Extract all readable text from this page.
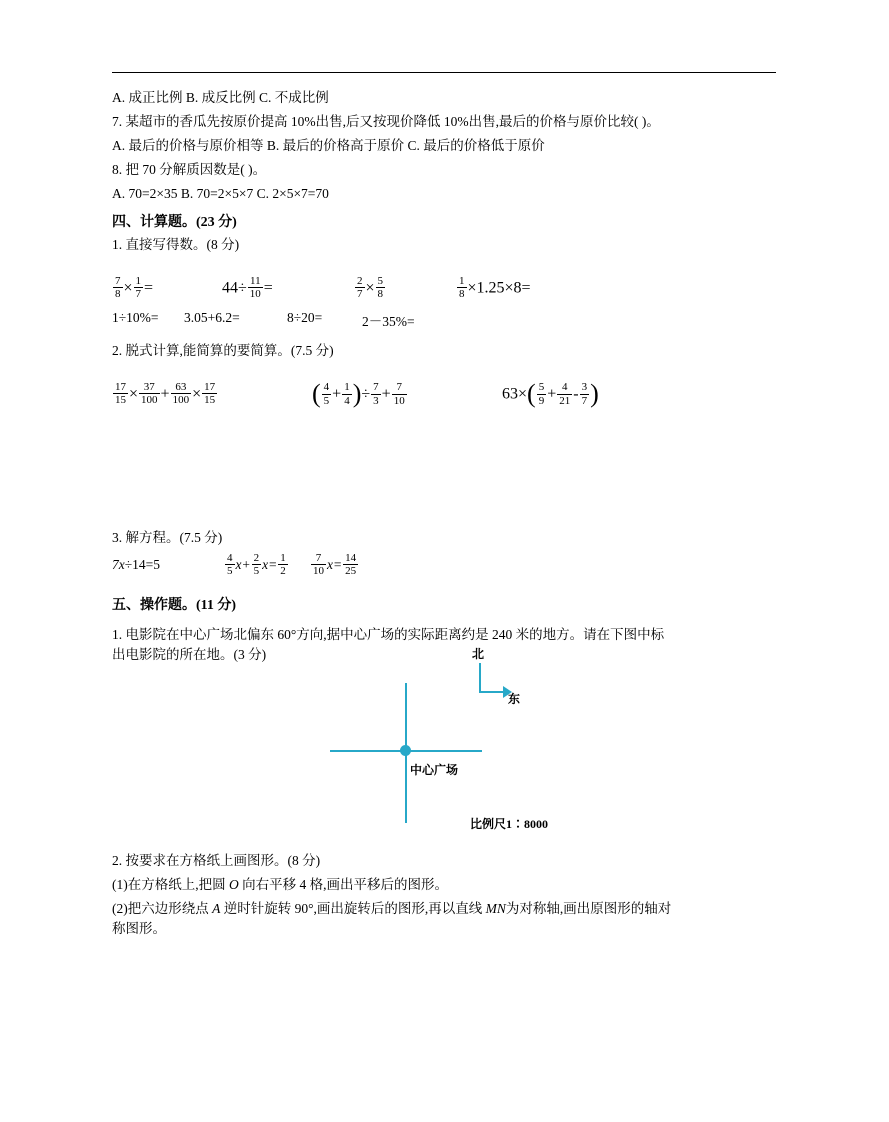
A. 成正比例 B. 成反比例 C. 不成比例
7. 某超市的香瓜先按原价提高 10%出售,后又按现价降低 10%出售,最后的价格与原价比较( )。
A. 最后的价格与原价相等 B. 最后的价格高于原价 C. 最后的价格低于原价
8. 把 70 分解质因数是( )。
A. 70=2×35 B. 70=2×5×7 C. 2×5×7=70
四、计算题。(23 分)
1. 直接写得数。(8 分)
$\frac{7}{8} \times \frac{1}{7}$ =	$44\div \frac{11}{10}$ =	$\frac{2}{7} \times \frac{5}{8}$	$\frac{1}{8} \times 1.25\times 8=$
1÷10%= 3.05+6.2=	8÷20=	2－35%=
2. 脱式计算,能简算的要简算。(7.5 分)
$\frac{17}{15} \times \frac{37}{100} + \frac{63}{100} \times \frac{17}{15}$	( $\frac{4}{5} + \frac{1}{4}$ )÷ $\frac{7}{3} + \frac{7}{10}$	$63\times( \frac{5}{9} + \frac{4}{21} - \frac{3}{7}$ )
3. 解方程。(7.5 分)
7x÷14=5	$\frac{4}{5} x+ \frac{2}{5} x= \frac{1}{2} \frac{7}{10} x= \frac{14}{25}$
五、操作题。(11 分)
1. 电影院在中心广场北偏东 60°方向,据中心广场的实际距离约是 240 米的地方。请在下图中标
出电影院的所在地。(3 分)	北
东
中心广场
比例尺1∶8000
2. 按要求在方格纸上画图形。(8 分)
(1)在方格纸上,把圆 O 向右平移 4 格,画出平移后的图形。
(2)把六边形绕点 A 逆时针旋转 90°,画出旋转后的图形,再以直线 MN为对称轴,画出原图形的轴对
称图形。
